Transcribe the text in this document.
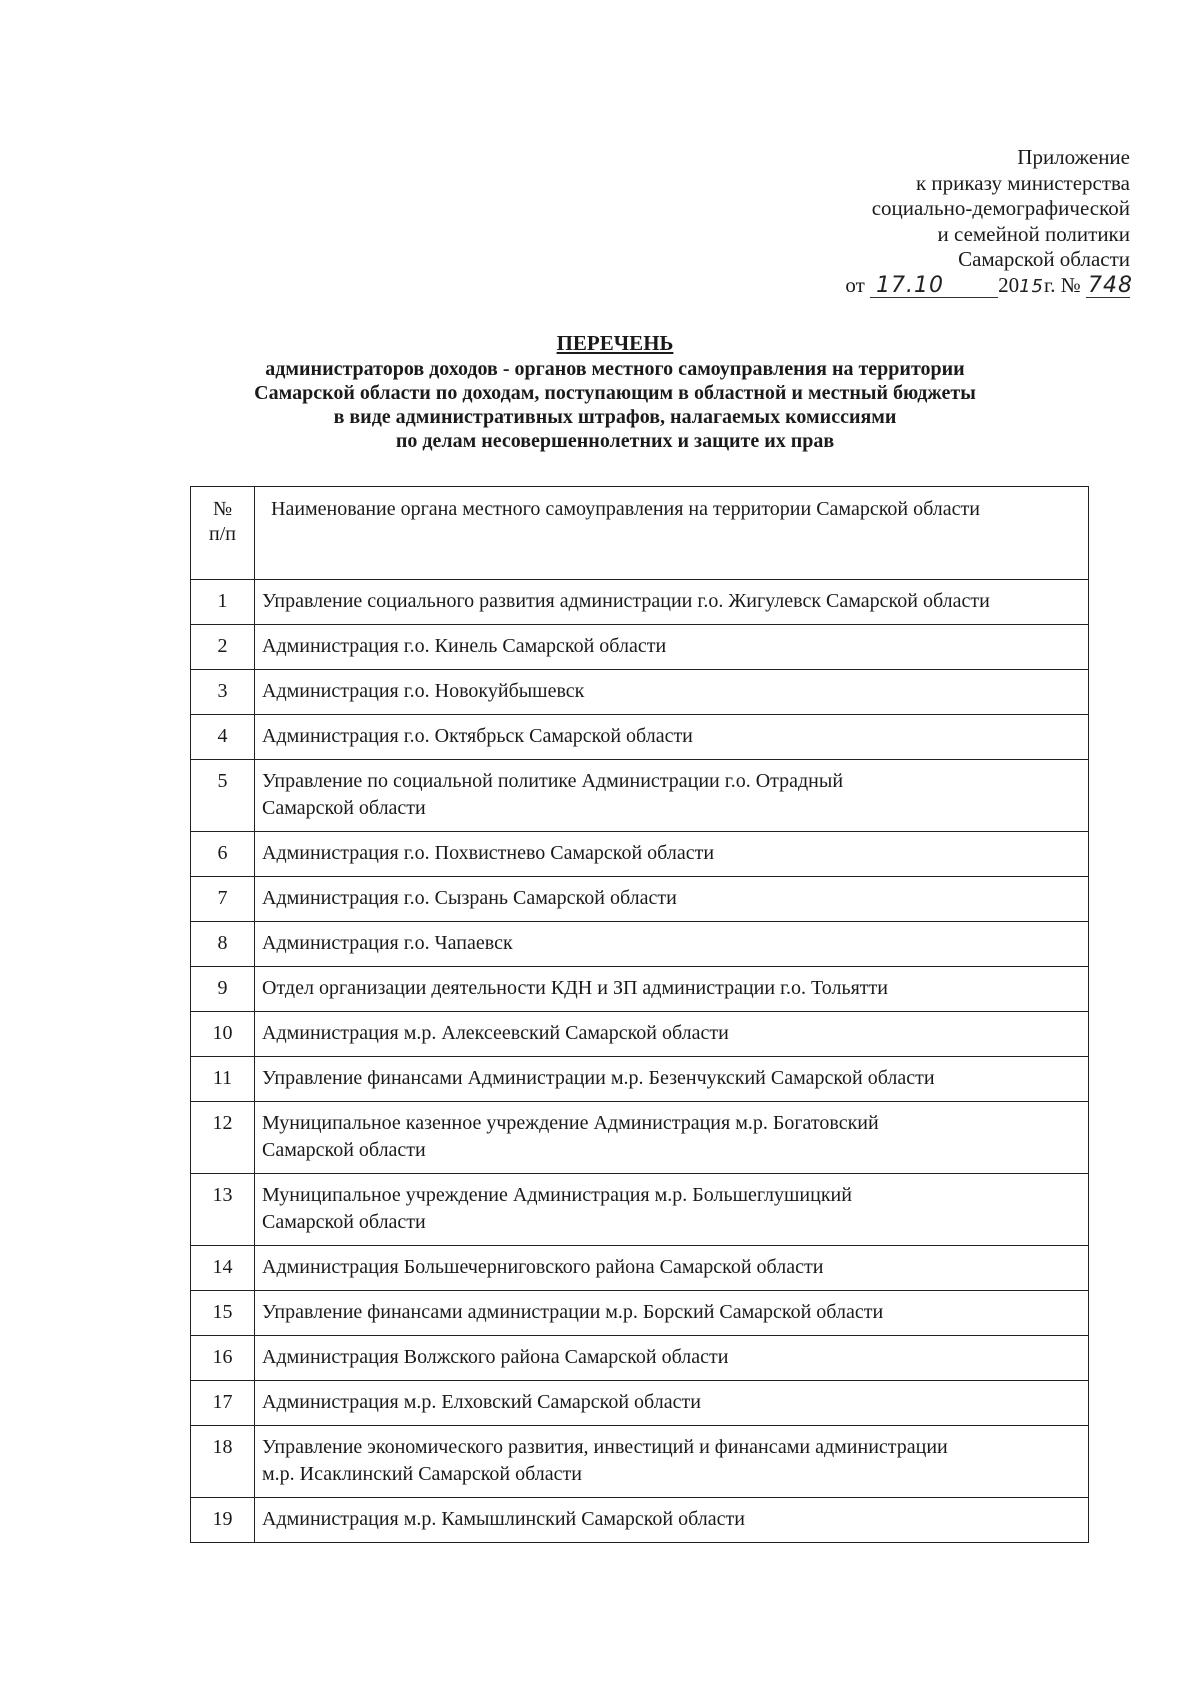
Приложение
к приказу министерства
социально-демографической
и семейной политики
Самарской области
от 17.10	2015г. № 748
ПЕРЕЧЕНЬ
администраторов доходов - органов местного самоуправления на территории
Самарской области по доходам, поступающим в областной и местный бюджеты
в виде административных штрафов, налагаемых комиссиями
по делам несовершеннолетних и защите их прав
№
п/п	Наименование органа местного самоуправления на территории Самарской области
1	Управление социального развития администрации г.о. Жигулевск Самарской области
2	Администрация г.о. Кинель Самарской области
3	Администрация г.о. Новокуйбышевск
4	Администрация г.о. Октябрьск Самарской области
5	Управление по социальной политике Администрации г.о. Отрадный
Самарской области
6	Администрация г.о. Похвистнево Самарской области
7	Администрация г.о. Сызрань Самарской области
8	Администрация г.о. Чапаевск
9	Отдел организации деятельности КДН и ЗП администрации г.о. Тольятти
10	Администрация м.р. Алексеевский Самарской области
11	Управление финансами Администрации м.р. Безенчукский Самарской области
12	Муниципальное казенное учреждение Администрация м.р. Богатовский
Самарской области
13	Муниципальное учреждение Администрация м.р. Большеглушицкий
Самарской области
14	Администрация Большечерниговского района Самарской области
15	Управление финансами администрации м.р. Борский Самарской области
16	Администрация Волжского района Самарской области
17	Администрация м.р. Елховский Самарской области
18	Управление экономического развития, инвестиций и финансами администрации
м.р. Исаклинский Самарской области
19	Администрация м.р. Камышлинский Самарской области
